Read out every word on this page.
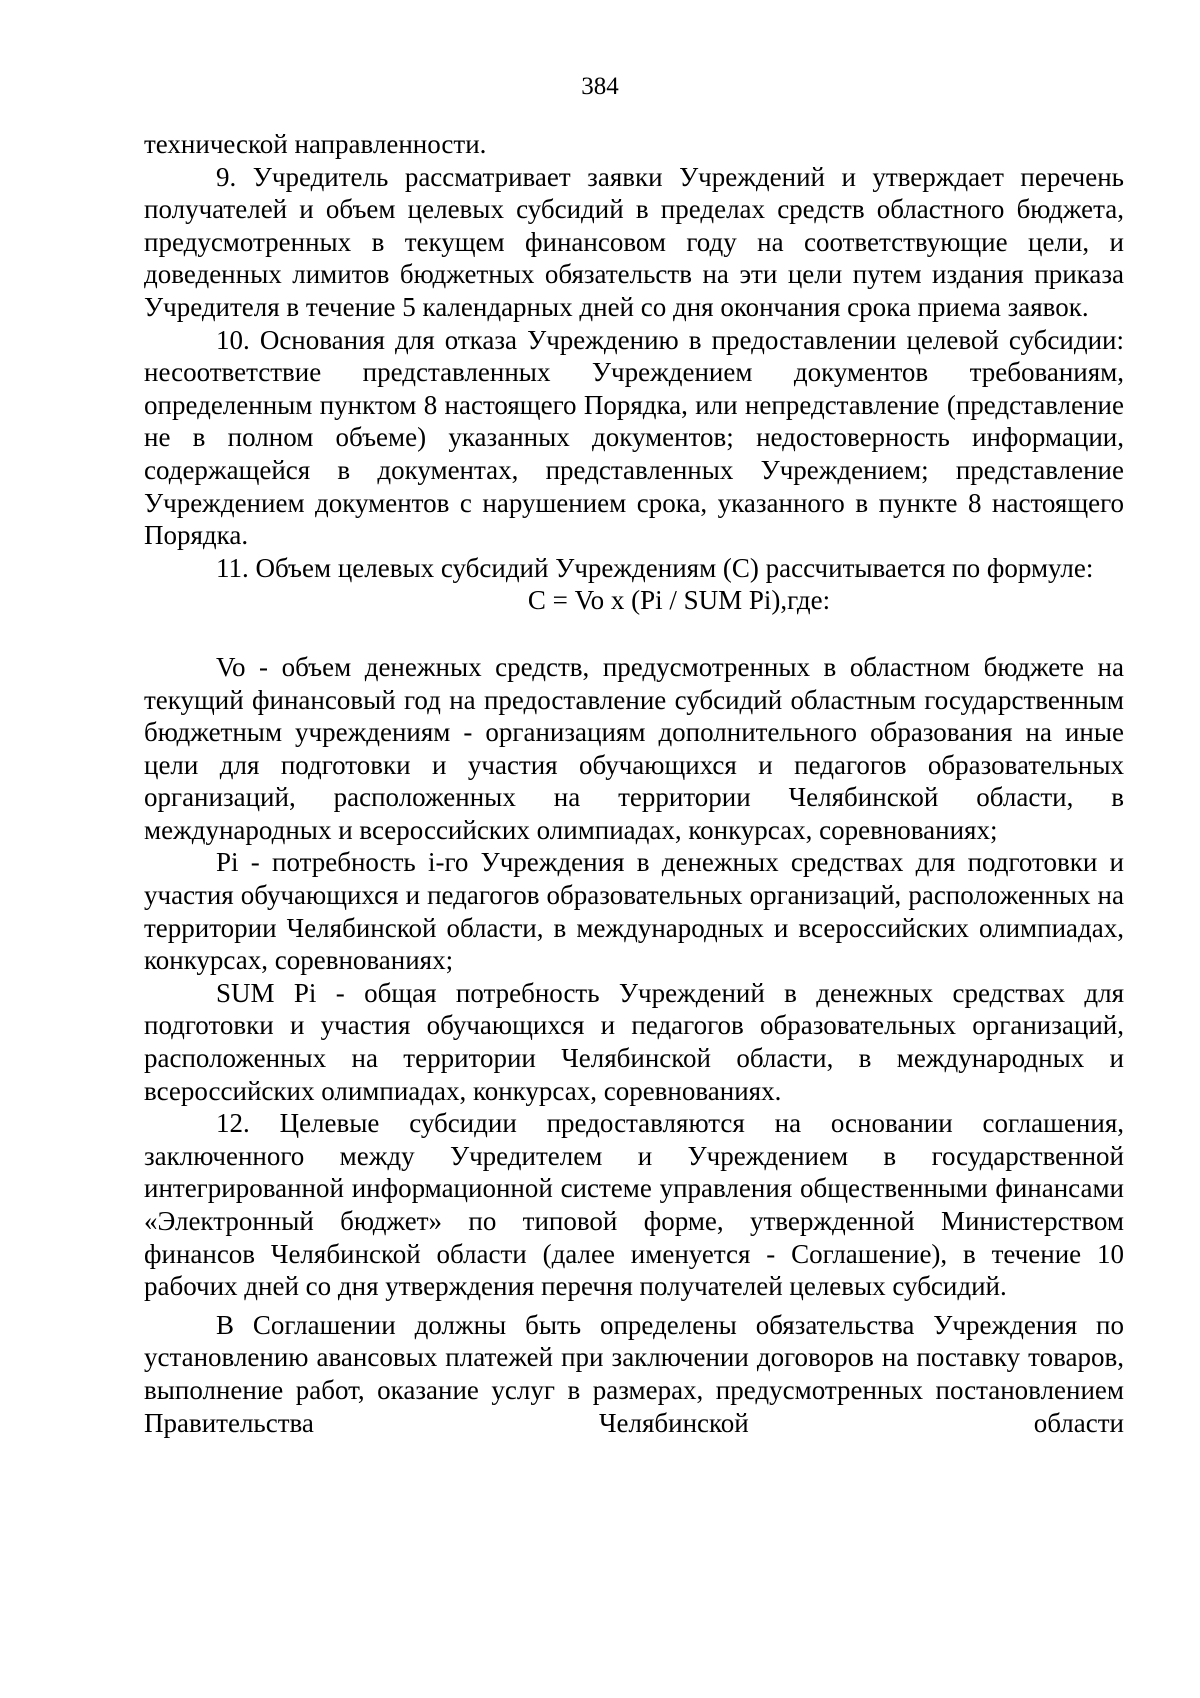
384

технической направленности.

9. Учредитель рассматривает заявки Учреждений и утверждает перечень получателей и объем целевых субсидий в пределах средств областного бюджета, предусмотренных в текущем финансовом году на соответствующие цели, и доведенных лимитов бюджетных обязательств на эти цели путем издания приказа Учредителя в течение 5 календарных дней со дня окончания срока приема заявок.

10. Основания для отказа Учреждению в предоставлении целевой субсидии: несоответствие представленных Учреждением документов требованиям, определенным пунктом 8 настоящего Порядка, или непредставление (представление не в полном объеме) указанных документов; недостоверность информации, содержащейся в документах, представленных Учреждением; представление Учреждением документов с нарушением срока, указанного в пункте 8 настоящего Порядка.

11. Объем целевых субсидий Учреждениям (С) рассчитывается по формуле:

С = Vo x (Pi / SUM Pi),где:

Vo - объем денежных средств, предусмотренных в областном бюджете на текущий финансовый год на предоставление субсидий областным государственным бюджетным учреждениям - организациям дополнительного образования на иные цели для подготовки и участия обучающихся и педагогов образовательных организаций, расположенных на территории Челябинской области, в международных и всероссийских олимпиадах, конкурсах, соревнованиях;

Pi - потребность i-го Учреждения в денежных средствах для подготовки и участия обучающихся и педагогов образовательных организаций, расположенных на территории Челябинской области, в международных и всероссийских олимпиадах, конкурсах, соревнованиях;

SUM Pi - общая потребность Учреждений в денежных средствах для подготовки и участия обучающихся и педагогов образовательных организаций, расположенных на территории Челябинской области, в международных и всероссийских олимпиадах, конкурсах, соревнованиях.

12. Целевые субсидии предоставляются на основании соглашения, заключенного между Учредителем и Учреждением в государственной интегрированной информационной системе управления общественными финансами «Электронный бюджет» по типовой форме, утвержденной Министерством финансов Челябинской области (далее именуется - Соглашение), в течение 10 рабочих дней со дня утверждения перечня получателей целевых субсидий.

В Соглашении должны быть определены обязательства Учреждения по установлению авансовых платежей при заключении договоров на поставку товаров, выполнение работ, оказание услуг в размерах, предусмотренных постановлением Правительства Челябинской области
